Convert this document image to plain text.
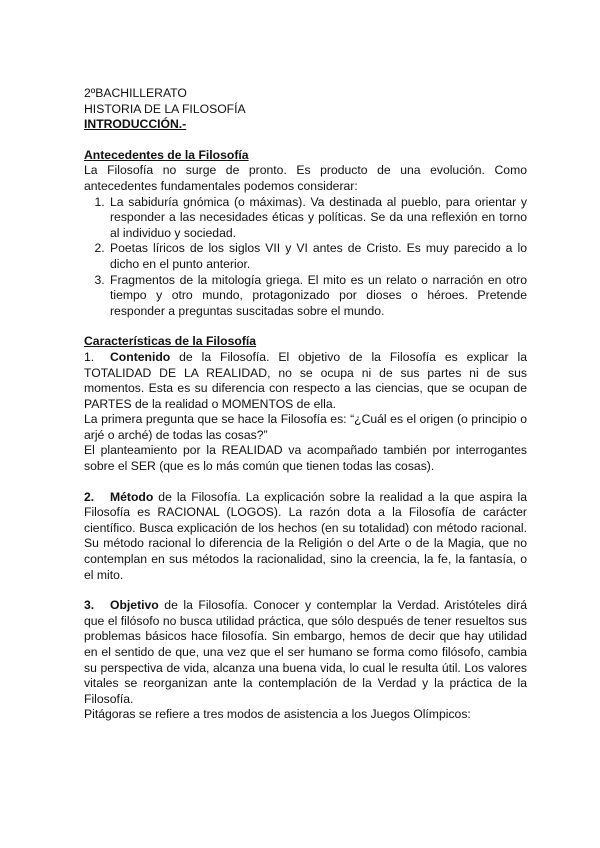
2ºBACHILLERATO
HISTORIA DE LA FILOSOFÍA
INTRODUCCIÓN.-
Antecedentes de la Filosofía

La Filosofía no surge de pronto. Es producto de una evolución. Como antecedentes fundamentales podemos considerar:

1. La sabiduría gnómica (o máximas). Va destinada al pueblo, para orientar y responder a las necesidades éticas y políticas. Se da una reflexión en torno al individuo y sociedad.
2. Poetas líricos de los siglos VII y VI antes de Cristo. Es muy parecido a lo dicho en el punto anterior.
3. Fragmentos de la mitología griega. El mito es un relato o narración en otro tiempo y otro mundo, protagonizado por dioses o héroes. Pretende responder a preguntas suscitadas sobre el mundo.
Características de la Filosofía

1. Contenido de la Filosofía. El objetivo de la Filosofía es explicar la TOTALIDAD DE LA REALIDAD, no se ocupa ni de sus partes ni de sus momentos. Esta es su diferencia con respecto a las ciencias, que se ocupan de PARTES de la realidad o MOMENTOS de ella.

La primera pregunta que se hace la Filosofía es: “¿Cuál es el origen (o principio o arjé o arché) de todas las cosas?”

El planteamiento por la REALIDAD va acompañado también por interrogantes sobre el SER (que es lo más común que tienen todas las cosas).

2. Método de la Filosofía. La explicación sobre la realidad a la que aspira la Filosofía es RACIONAL (LOGOS). La razón dota a la Filosofía de carácter científico. Busca explicación de los hechos (en su totalidad) con método racional. Su método racional lo diferencia de la Religión o del Arte o de la Magia, que no contemplan en sus métodos la racionalidad, sino la creencia, la fe, la fantasía, o el mito.

3. Objetivo de la Filosofía. Conocer y contemplar la Verdad. Aristóteles dirá que el filósofo no busca utilidad práctica, que sólo después de tener resueltos sus problemas básicos hace filosofía. Sin embargo, hemos de decir que hay utilidad en el sentido de que, una vez que el ser humano se forma como filósofo, cambia su perspectiva de vida, alcanza una buena vida, lo cual le resulta útil. Los valores vitales se reorganizan ante la contemplación de la Verdad y la práctica de la Filosofía.

Pitágoras se refiere a tres modos de asistencia a los Juegos Olímpicos:
